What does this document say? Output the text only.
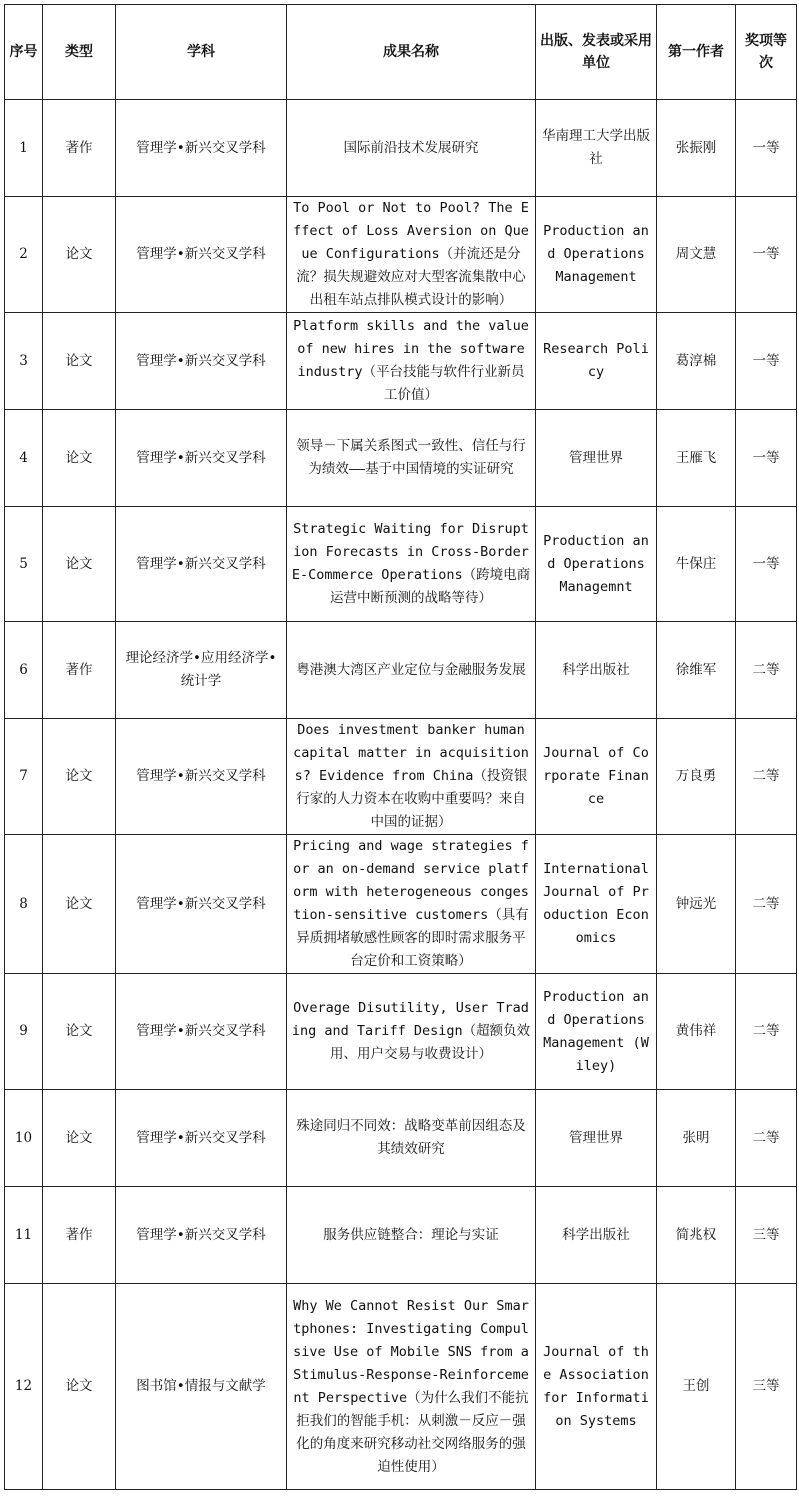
序号	类型	学科	成果名称	出版、发表或采用单位	第一作者	奖项等次
1	著作	管理学•新兴交叉学科	国际前沿技术发展研究	华南理工大学出版社	张振刚	一等
2	论文	管理学•新兴交叉学科	To Pool or Not to Pool? The Effect of Loss Aversion on Queue Configurations（并流还是分流？损失规避效应对大型客流集散中心出租车站点排队模式设计的影响）	Production and Operations Management	周文慧	一等
3	论文	管理学•新兴交叉学科	Platform skills and the value of new hires in the software industry（平台技能与软件行业新员工价值）	Research Policy	葛淳棉	一等
4	论文	管理学•新兴交叉学科	领导－下属关系图式一致性、信任与行为绩效——基于中国情境的实证研究	管理世界	王雁飞	一等
5	论文	管理学•新兴交叉学科	Strategic Waiting for Disruption Forecasts in Cross-Border E-Commerce Operations（跨境电商运营中断预测的战略等待）	Production and Operations Managemnt	牛保庄	一等
6	著作	理论经济学•应用经济学•统计学	粤港澳大湾区产业定位与金融服务发展	科学出版社	徐维军	二等
7	论文	管理学•新兴交叉学科	Does investment banker human capital matter in acquisitions? Evidence from China（投资银行家的人力资本在收购中重要吗？来自中国的证据）	Journal of Corporate Finance	万良勇	二等
8	论文	管理学•新兴交叉学科	Pricing and wage strategies for an on-demand service platform with heterogeneous congestion-sensitive customers（具有异质拥堵敏感性顾客的即时需求服务平台定价和工资策略）	International Journal of Production Economics	钟远光	二等
9	论文	管理学•新兴交叉学科	Overage Disutility, User Trading and Tariff Design（超额负效用、用户交易与收费设计）	Production and Operations Management (Wiley)	黄伟祥	二等
10	论文	管理学•新兴交叉学科	殊途同归不同效：战略变革前因组态及其绩效研究	管理世界	张明	二等
11	著作	管理学•新兴交叉学科	服务供应链整合：理论与实证	科学出版社	简兆权	三等
12	论文	图书馆•情报与文献学	Why We Cannot Resist Our Smartphones: Investigating Compulsive Use of Mobile SNS from a Stimulus-Response-Reinforcement Perspective（为什么我们不能抗拒我们的智能手机：从刺激－反应－强化的角度来研究移动社交网络服务的强迫性使用）	Journal of the Association for Information Systems	王创	三等
